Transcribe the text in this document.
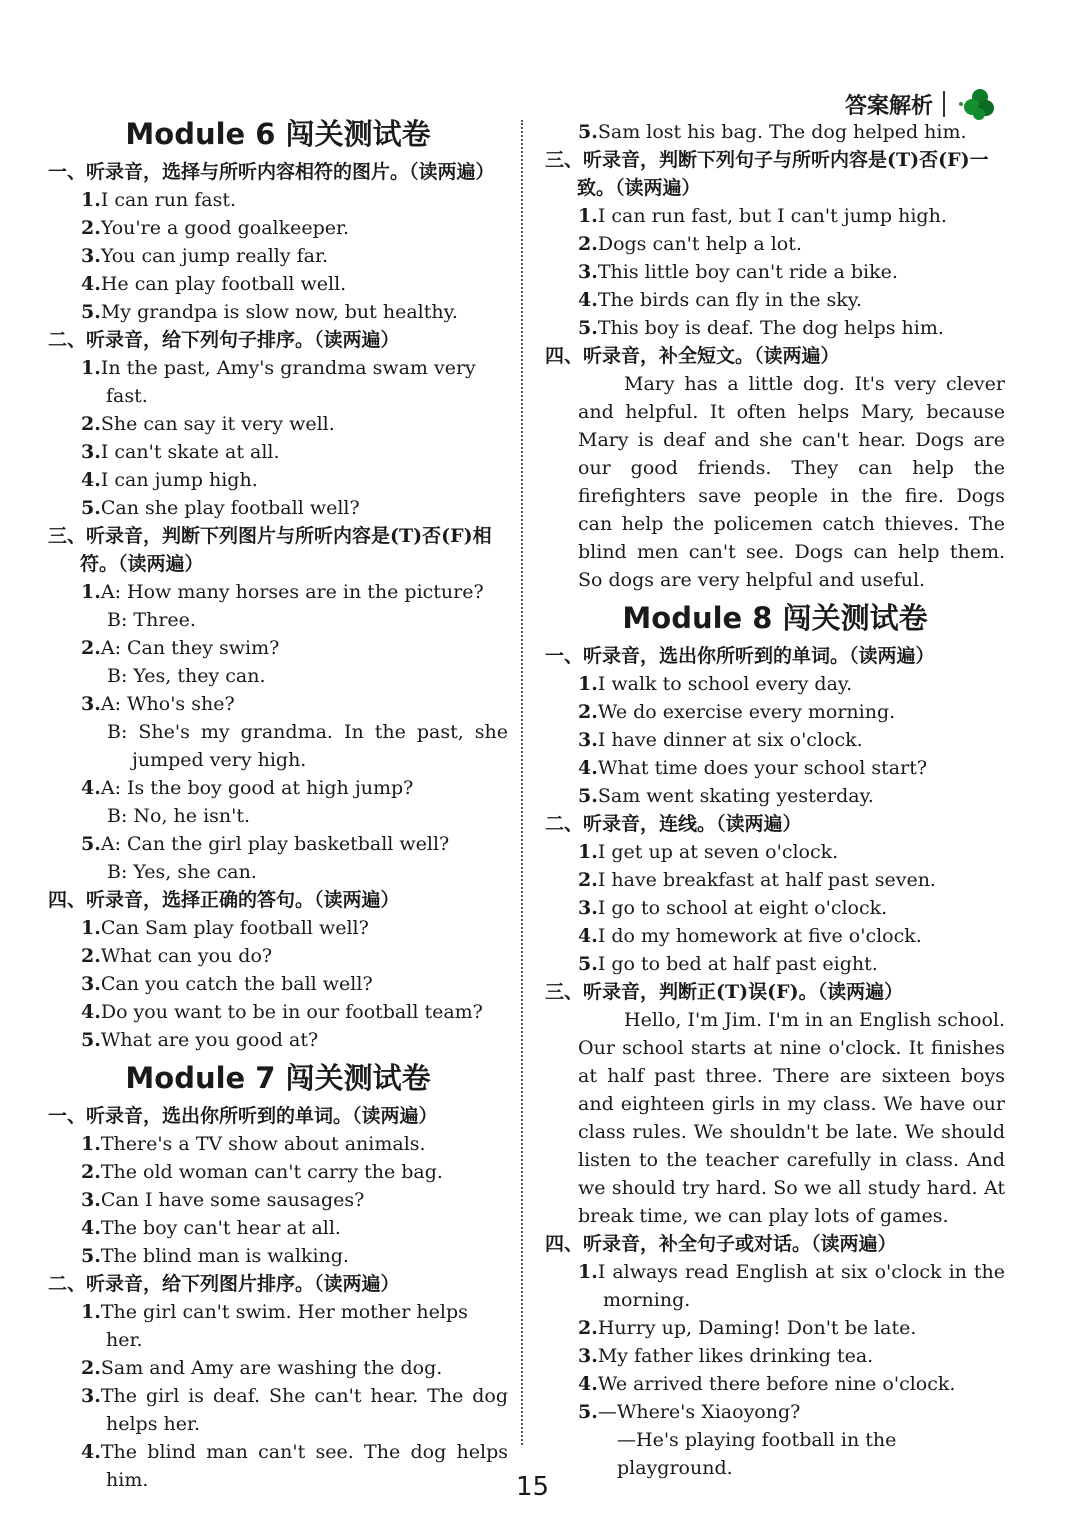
答案解析
Module 6 闯关测试卷
一、听录音，选择与所听内容相符的图片。（读两遍）
1.I can run fast.
2.You're a good goalkeeper.
3.You can jump really far.
4.He can play football well.
5.My grandpa is slow now, but healthy.
二、听录音，给下列句子排序。（读两遍）
1.In the past, Amy's grandma swam very fast.
2.She can say it very well.
3.I can't skate at all.
4.I can jump high.
5.Can she play football well?
三、听录音，判断下列图片与所听内容是(T)否(F)相符。（读两遍）
1.A: How many horses are in the picture?
B: Three.
2.A: Can they swim?
B: Yes, they can.
3.A: Who's she?
B: She's my grandma. In the past, she jumped very high.
4.A: Is the boy good at high jump?
B: No, he isn't.
5.A: Can the girl play basketball well?
B: Yes, she can.
四、听录音，选择正确的答句。（读两遍）
1.Can Sam play football well?
2.What can you do?
3.Can you catch the ball well?
4.Do you want to be in our football team?
5.What are you good at?
Module 7 闯关测试卷
一、听录音，选出你所听到的单词。（读两遍）
1.There's a TV show about animals.
2.The old woman can't carry the bag.
3.Can I have some sausages?
4.The boy can't hear at all.
5.The blind man is walking.
二、听录音，给下列图片排序。（读两遍）
1.The girl can't swim. Her mother helps her.
2.Sam and Amy are washing the dog.
3.The girl is deaf. She can't hear. The dog helps her.
4.The blind man can't see. The dog helps him.
5.Sam lost his bag. The dog helped him.
三、听录音，判断下列句子与所听内容是(T)否(F)一致。（读两遍）
1.I can run fast, but I can't jump high.
2.Dogs can't help a lot.
3.This little boy can't ride a bike.
4.The birds can fly in the sky.
5.This boy is deaf. The dog helps him.
四、听录音，补全短文。（读两遍）
Mary has a little dog. It's very clever and helpful. It often helps Mary, because Mary is deaf and she can't hear. Dogs are our good friends. They can help the firefighters save people in the fire. Dogs can help the policemen catch thieves. The blind men can't see. Dogs can help them. So dogs are very helpful and useful.
Module 8 闯关测试卷
一、听录音，选出你所听到的单词。（读两遍）
1.I walk to school every day.
2.We do exercise every morning.
3.I have dinner at six o'clock.
4.What time does your school start?
5.Sam went skating yesterday.
二、听录音，连线。（读两遍）
1.I get up at seven o'clock.
2.I have breakfast at half past seven.
3.I go to school at eight o'clock.
4.I do my homework at five o'clock.
5.I go to bed at half past eight.
三、听录音，判断正(T)误(F)。（读两遍）
Hello, I'm Jim. I'm in an English school. Our school starts at nine o'clock. It finishes at half past three. There are sixteen boys and eighteen girls in my class. We have our class rules. We shouldn't be late. We should listen to the teacher carefully in class. And we should try hard. So we all study hard. At break time, we can play lots of games.
四、听录音，补全句子或对话。（读两遍）
1.I always read English at six o'clock in the morning.
2.Hurry up, Daming! Don't be late.
3.My father likes drinking tea.
4.We arrived there before nine o'clock.
5.—Where's Xiaoyong?
—He's playing football in the playground.
15
